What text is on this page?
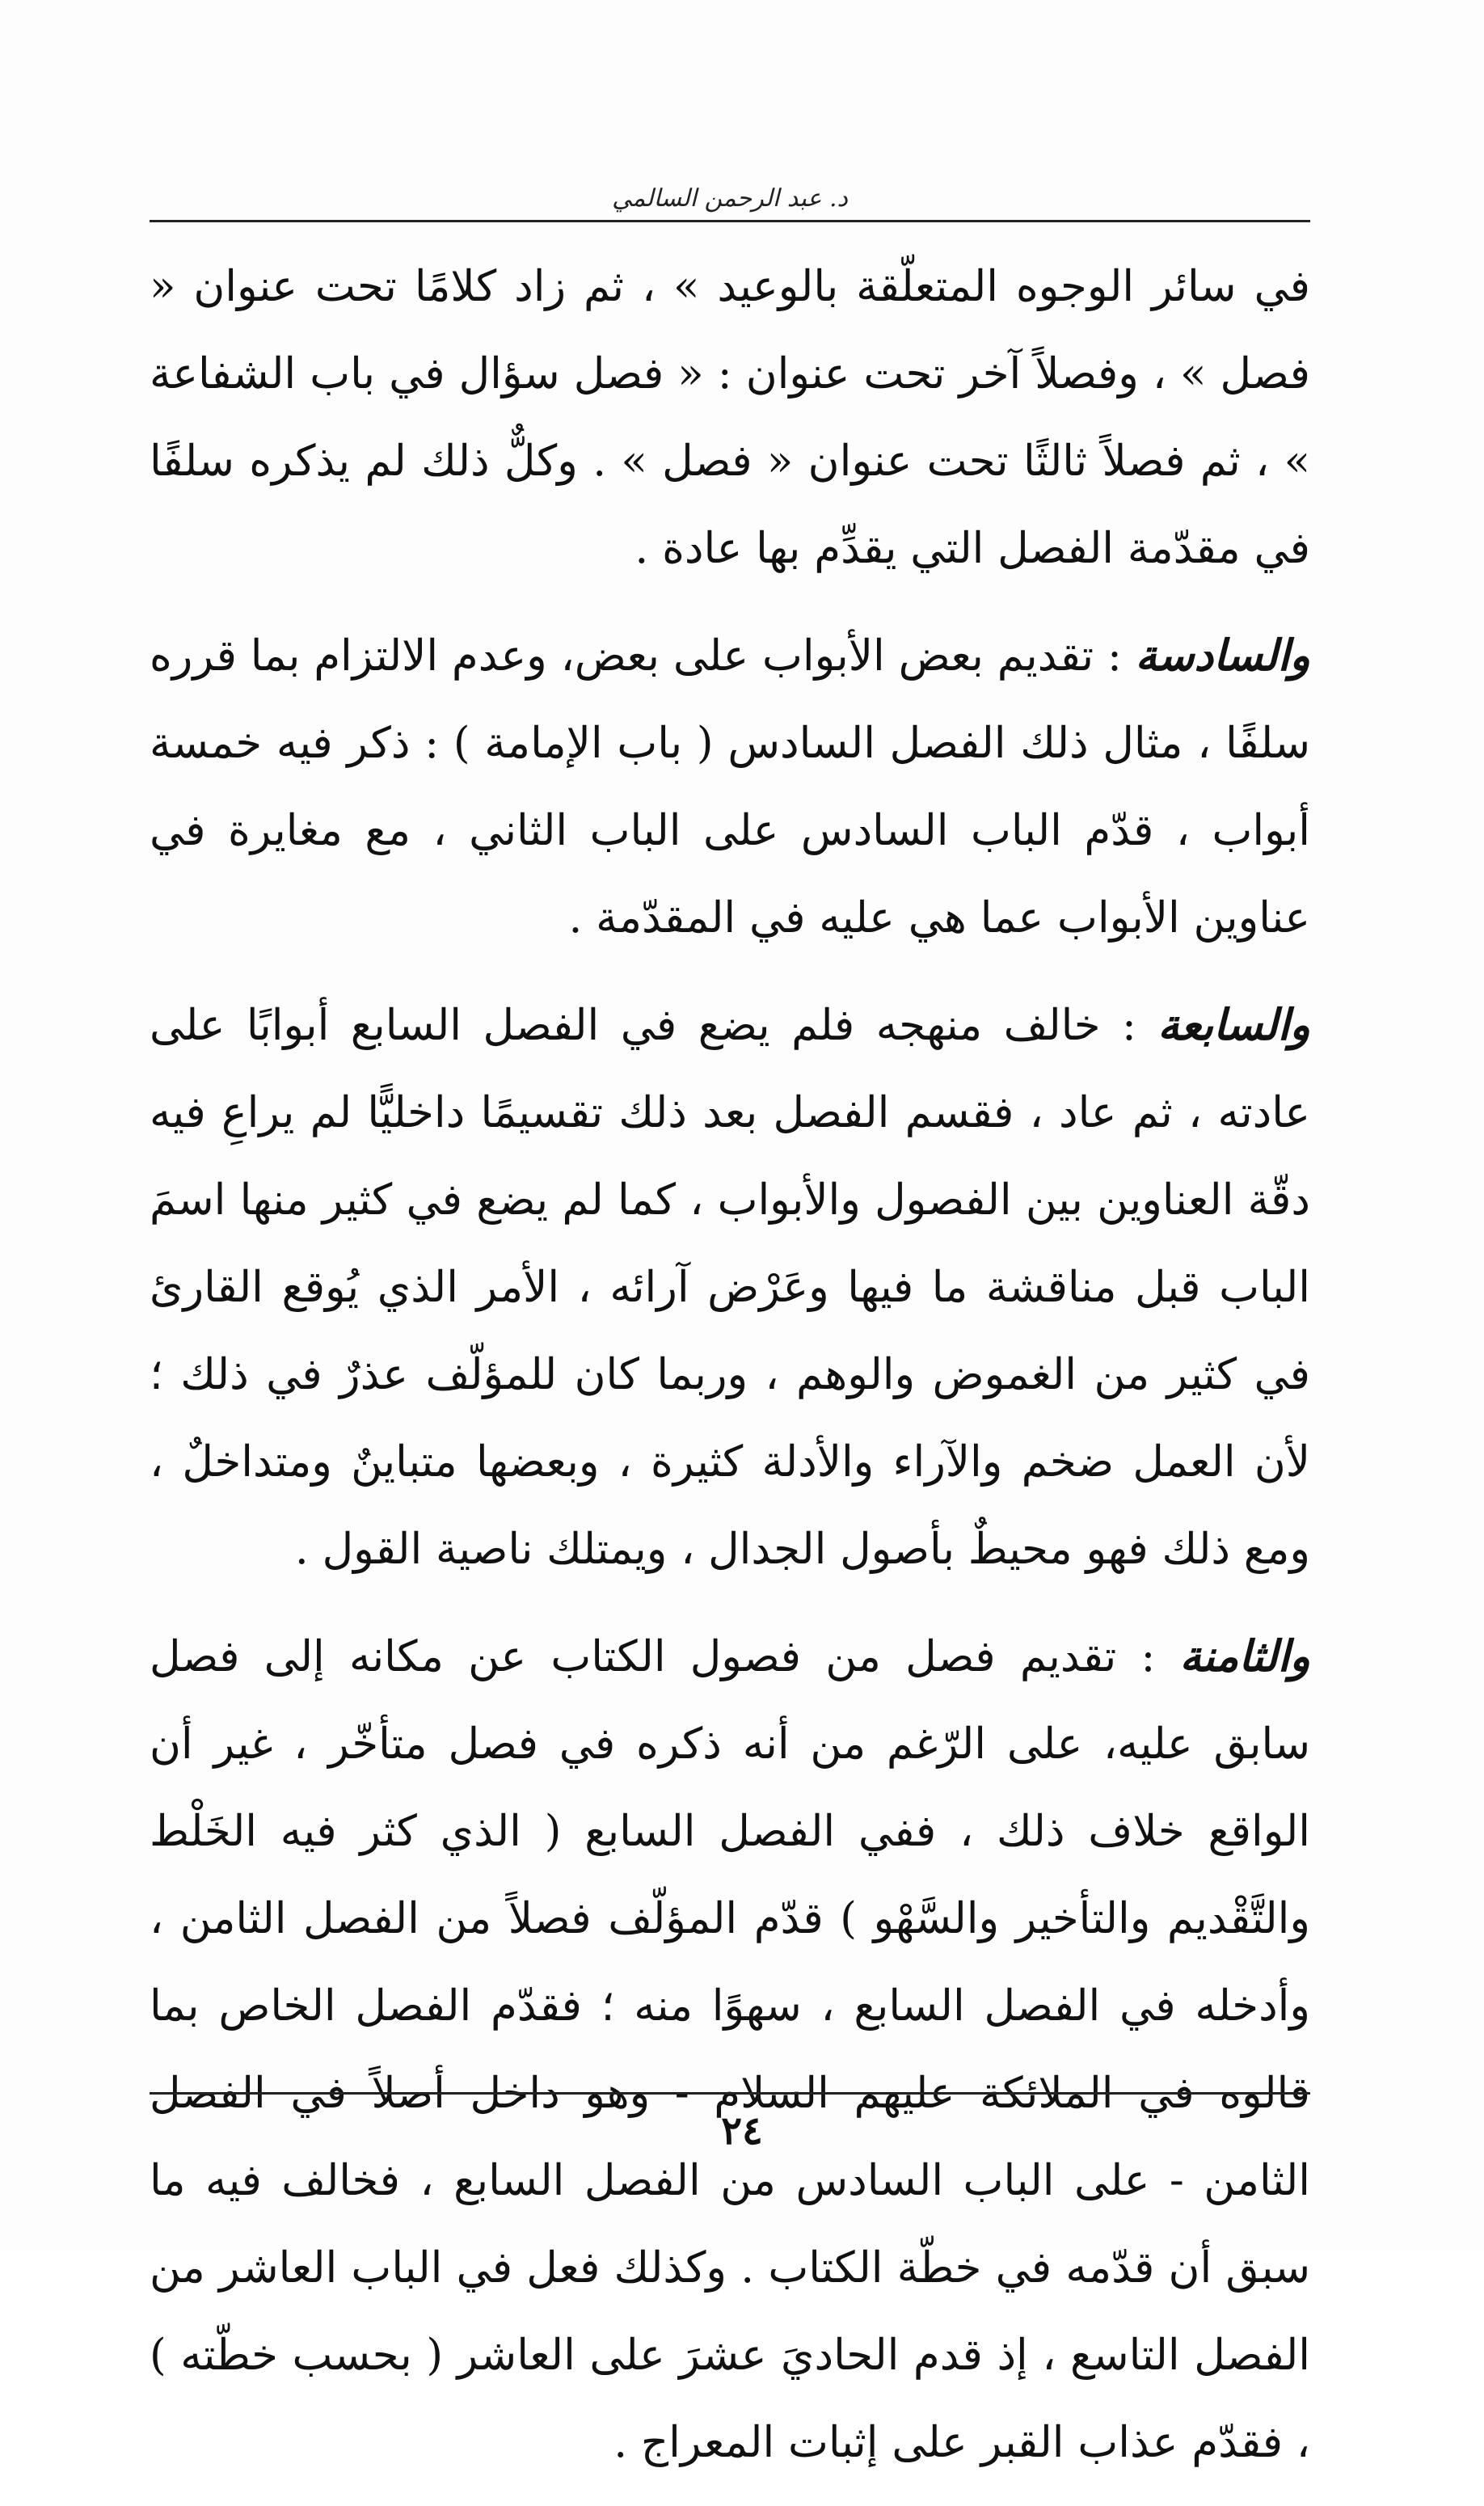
د. عبد الرحمن السالمي

في سائر الوجوه المتعلّقة بالوعيد » ، ثم زاد كلامًا تحت عنوان « فصل » ، وفصلاً آخر تحت عنوان : « فصل سؤال في باب الشفاعة » ، ثم فصلاً ثالثًا تحت عنوان « فصل » . وكلٌّ ذلك لم يذكره سلفًا في مقدّمة الفصل التي يقدِّم بها عادة .

والسادسة : تقديم بعض الأبواب على بعض، وعدم الالتزام بما قرره سلفًا ، مثال ذلك الفصل السادس ( باب الإمامة ) : ذكر فيه خمسة أبواب ، قدّم الباب السادس على الباب الثاني ، مع مغايرة في عناوين الأبواب عما هي عليه في المقدّمة .

والسابعة : خالف منهجه فلم يضع في الفصل السابع أبوابًا على عادته ، ثم عاد ، فقسم الفصل بعد ذلك تقسيمًا داخليًّا لم يراعِ فيه دقّة العناوين بين الفصول والأبواب ، كما لم يضع في كثير منها اسمَ الباب قبل مناقشة ما فيها وعَرْض آرائه ، الأمر الذي يُوقع القارئ في كثير من الغموض والوهم ، وربما كان للمؤلّف عذرٌ في ذلك ؛ لأن العمل ضخم والآراء والأدلة كثيرة ، وبعضها متباينٌ ومتداخلٌ ، ومع ذلك فهو محيطٌ بأصول الجدال ، ويمتلك ناصية القول .

والثامنة : تقديم فصل من فصول الكتاب عن مكانه إلى فصل سابق عليه، على الرّغم من أنه ذكره في فصل متأخّر ، غير أن الواقع خلاف ذلك ، ففي الفصل السابع ( الذي كثر فيه الخَلْط والتَّقْديم والتأخير والسَّهْو ) قدّم المؤلّف فصلاً من الفصل الثامن ، وأدخله في الفصل السابع ، سهوًا منه ؛ فقدّم الفصل الخاص بما قالوه في الملائكة عليهم السلام - وهو داخل أصلاً في الفصل الثامن - على الباب السادس من الفصل السابع ، فخالف فيه ما سبق أن قدّمه في خطّة الكتاب . وكذلك فعل في الباب العاشر من الفصل التاسع ، إذ قدم الحاديَ عشرَ على العاشر ( بحسب خطّته ) ، فقدّم عذاب القبر على إثبات المعراج .

٢٤
